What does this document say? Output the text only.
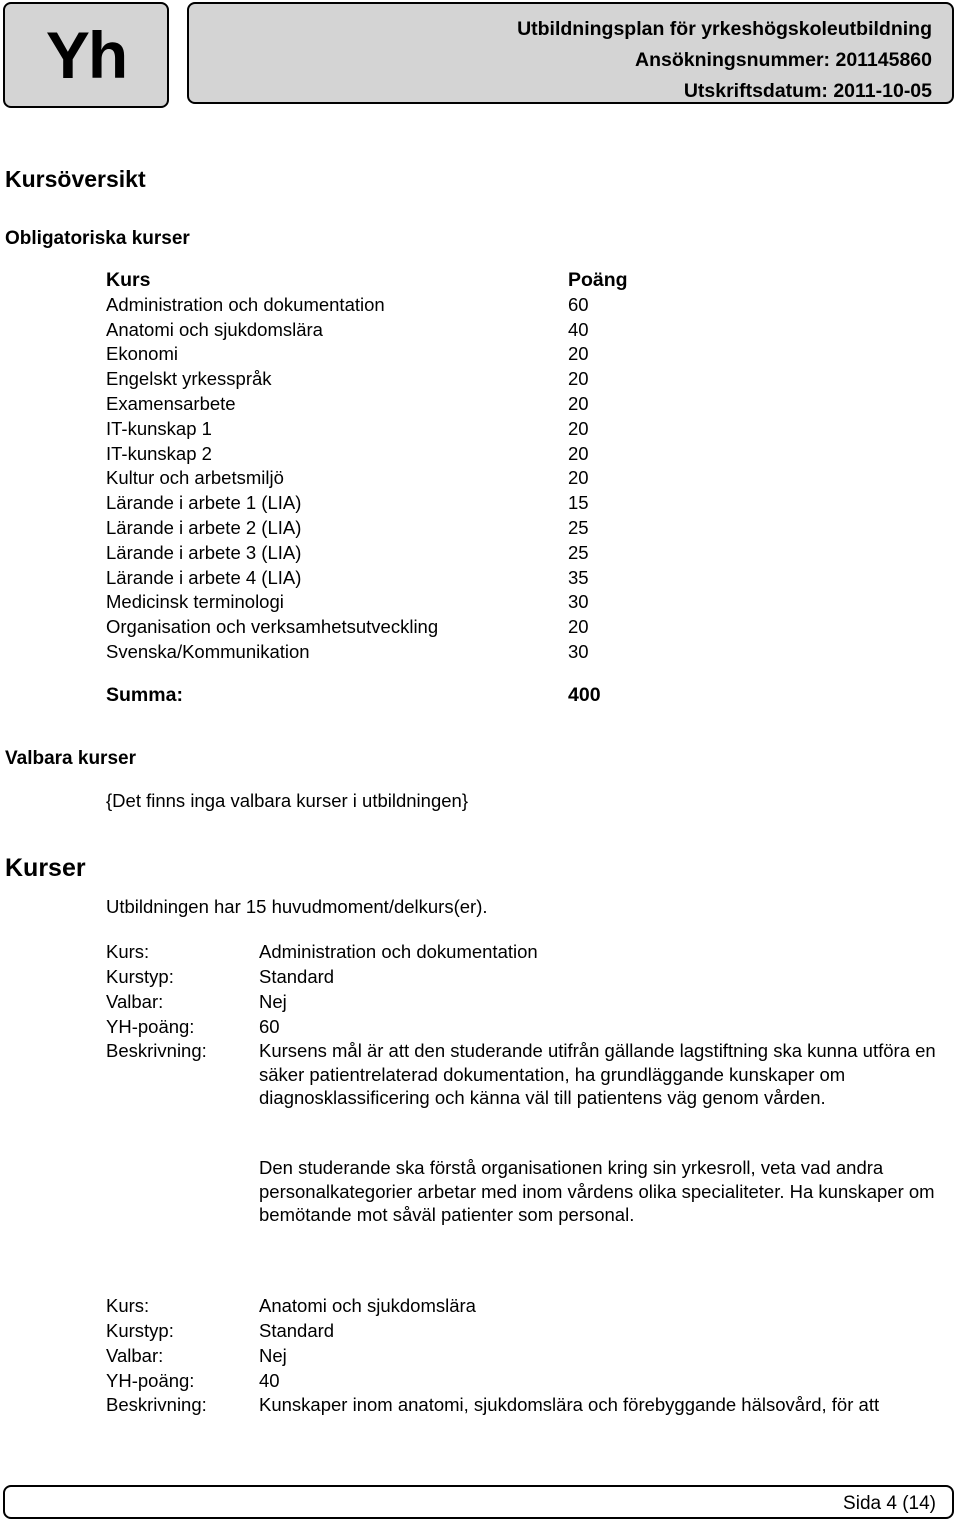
Yh	Utbildningsplan för yrkeshögskoleutbildning
Ansökningsnummer: 201145860
Utskriftsdatum: 2011-10-05
Kursöversikt
Obligatoriska kurser
Kurs	Poäng
Administration och dokumentation	60
Anatomi och sjukdomslära	40
Ekonomi	20
Engelskt yrkesspråk	20
Examensarbete	20
IT-kunskap 1	20
IT-kunskap 2	20
Kultur och arbetsmiljö	20
Lärande i arbete 1 (LIA)	15
Lärande i arbete 2 (LIA)	25
Lärande i arbete 3 (LIA)	25
Lärande i arbete 4 (LIA)	35
Medicinsk terminologi	30
Organisation och verksamhetsutveckling	20
Svenska/Kommunikation	30
Summa:	400
Valbara kurser
{Det finns inga valbara kurser i utbildningen}
Kurser
Utbildningen har 15 huvudmoment/delkurs(er).
Kurs:	Administration och dokumentation
Kurstyp:	Standard
Valbar:	Nej
YH-poäng:	60
Beskrivning:	Kursens mål är att den studerande utifrån gällande lagstiftning ska kunna utföra en säker patientrelaterad dokumentation, ha grundläggande kunskaper om diagnosklassificering och känna väl till patientens väg genom vården.
Den studerande ska förstå organisationen kring sin yrkesroll, veta vad andra personalkategorier arbetar med inom vårdens olika specialiteter. Ha kunskaper om bemötande mot såväl patienter som personal.
Kurs:	Anatomi och sjukdomslära
Kurstyp:	Standard
Valbar:	Nej
YH-poäng:	40
Beskrivning:	Kunskaper inom anatomi, sjukdomslära och förebyggande hälsovård, för att
Sida 4 (14)
